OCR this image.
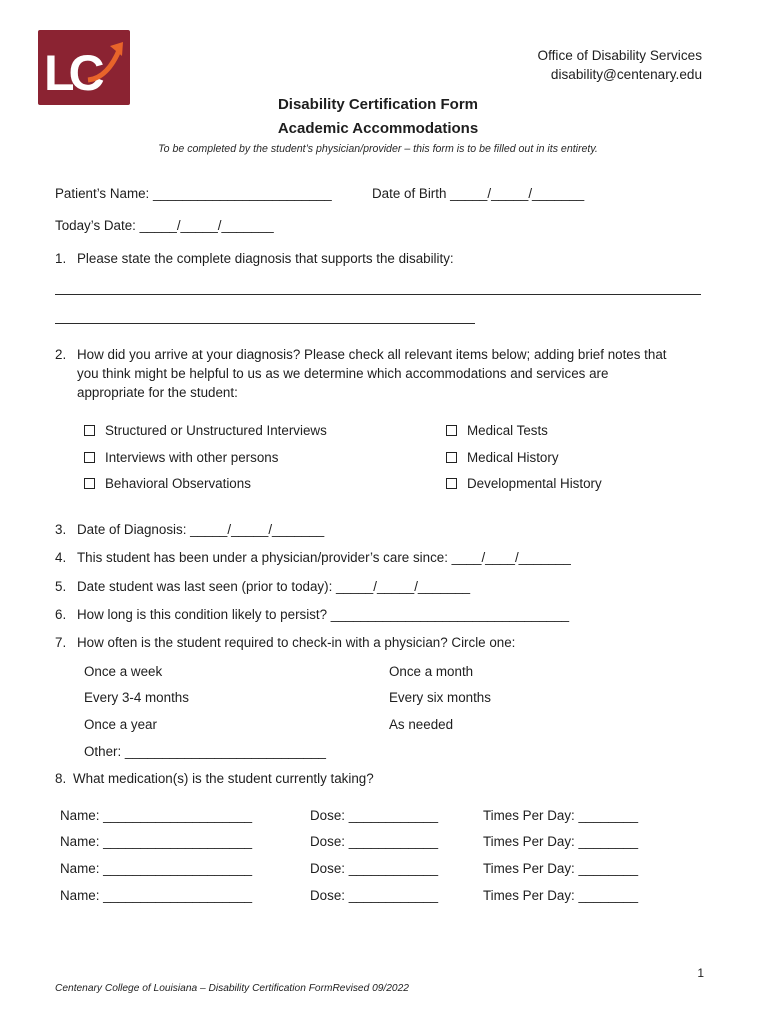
LC	Office of Disability Services
disability@centenary.edu
Disability Certification Form
Academic Accommodations
To be completed by the student’s physician/provider – this form is to be filled out in its entirety.
Patient’s Name: ________________________	Date of Birth _____/_____/_______
Today’s Date: _____/_____/_______
1. Please state the complete diagnosis that supports the disability:
2. How did you arrive at your diagnosis? Please check all relevant items below; adding brief notes that
you think might be helpful to us as we determine which accommodations and services are
appropriate for the student:
Structured or Unstructured Interviews
Interviews with other persons
Behavioral Observations
Medical Tests
Medical History
Developmental History
3. Date of Diagnosis: _____/_____/_______
4. This student has been under a physician/provider’s care since: ____/____/_______
5. Date student was last seen (prior to today): _____/_____/_______
6. How long is this condition likely to persist? ________________________________
7. How often is the student required to check-in with a physician? Circle one:
Once a week
Every 3-4 months
Once a year
Once a month
Every six months
As needed
Other: ___________________________
8. What medication(s) is the student currently taking?
Name: ____________________	Dose: ____________	Times Per Day: ________
Name: ____________________	Dose: ____________	Times Per Day: ________
Name: ____________________	Dose: ____________	Times Per Day: ________
Name: ____________________	Dose: ____________	Times Per Day: ________
1
Centenary College of Louisiana – Disability Certification FormRevised 09/2022
